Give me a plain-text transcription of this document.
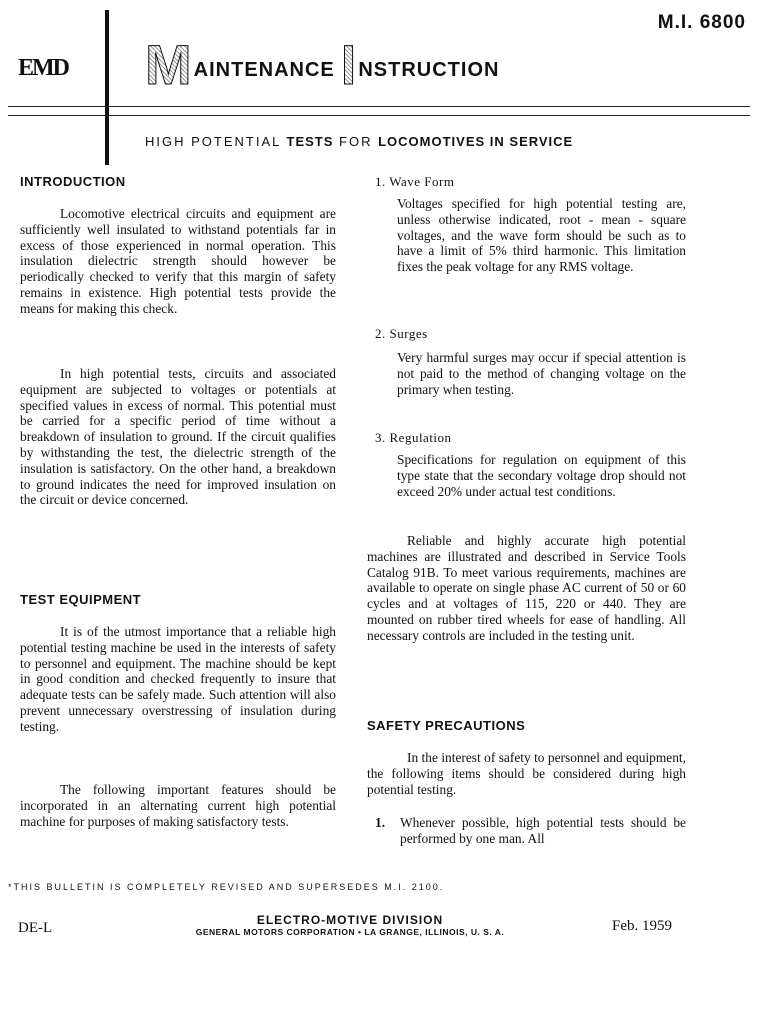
M.I. 6800
EMD M AINTENANCE I NSTRUCTION
HIGH POTENTIAL TESTS FOR LOCOMOTIVES IN SERVICE
INTRODUCTION
Locomotive electrical circuits and equipment are sufficiently well insulated to withstand potentials far in excess of those experienced in normal operation. This insulation dielectric strength should however be periodically checked to verify that this margin of safety remains in existence. High potential tests provide the means for making this check.
In high potential tests, circuits and associated equipment are subjected to voltages or potentials at specified values in excess of normal. This potential must be carried for a specific period of time without a breakdown of insulation to ground. If the circuit qualifies by withstanding the test, the dielectric strength of the insulation is satisfactory. On the other hand, a breakdown to ground indicates the need for improved insulation on the circuit or device concerned.
TEST EQUIPMENT
It is of the utmost importance that a reliable high potential testing machine be used in the interests of safety to personnel and equipment. The machine should be kept in good condition and checked frequently to insure that adequate tests can be safely made. Such attention will also prevent unnecessary overstressing of insulation during testing.
The following important features should be incorporated in an alternating current high potential machine for purposes of making satisfactory tests.
1. Wave Form
Voltages specified for high potential testing are, unless otherwise indicated, root - mean - square voltages, and the wave form should be such as to have a limit of 5% third harmonic. This limitation fixes the peak voltage for any RMS voltage.
2. Surges
Very harmful surges may occur if special attention is not paid to the method of changing voltage on the primary when testing.
3. Regulation
Specifications for regulation on equipment of this type state that the secondary voltage drop should not exceed 20% under actual test conditions.
Reliable and highly accurate high potential machines are illustrated and described in Service Tools Catalog 91B. To meet various requirements, machines are available to operate on single phase AC current of 50 or 60 cycles and at voltages of 115, 220 or 440. They are mounted on rubber tired wheels for ease of handling. All necessary controls are included in the testing unit.
SAFETY PRECAUTIONS
In the interest of safety to personnel and equipment, the following items should be considered during high potential testing.
1. Whenever possible, high potential tests should be performed by one man. All
*THIS BULLETIN IS COMPLETELY REVISED AND SUPERSEDES M.I. 2100.
DE-L	ELECTRO-MOTIVE DIVISION
GENERAL MOTORS CORPORATION • LA GRANGE, ILLINOIS, U. S. A.	Feb. 1959
